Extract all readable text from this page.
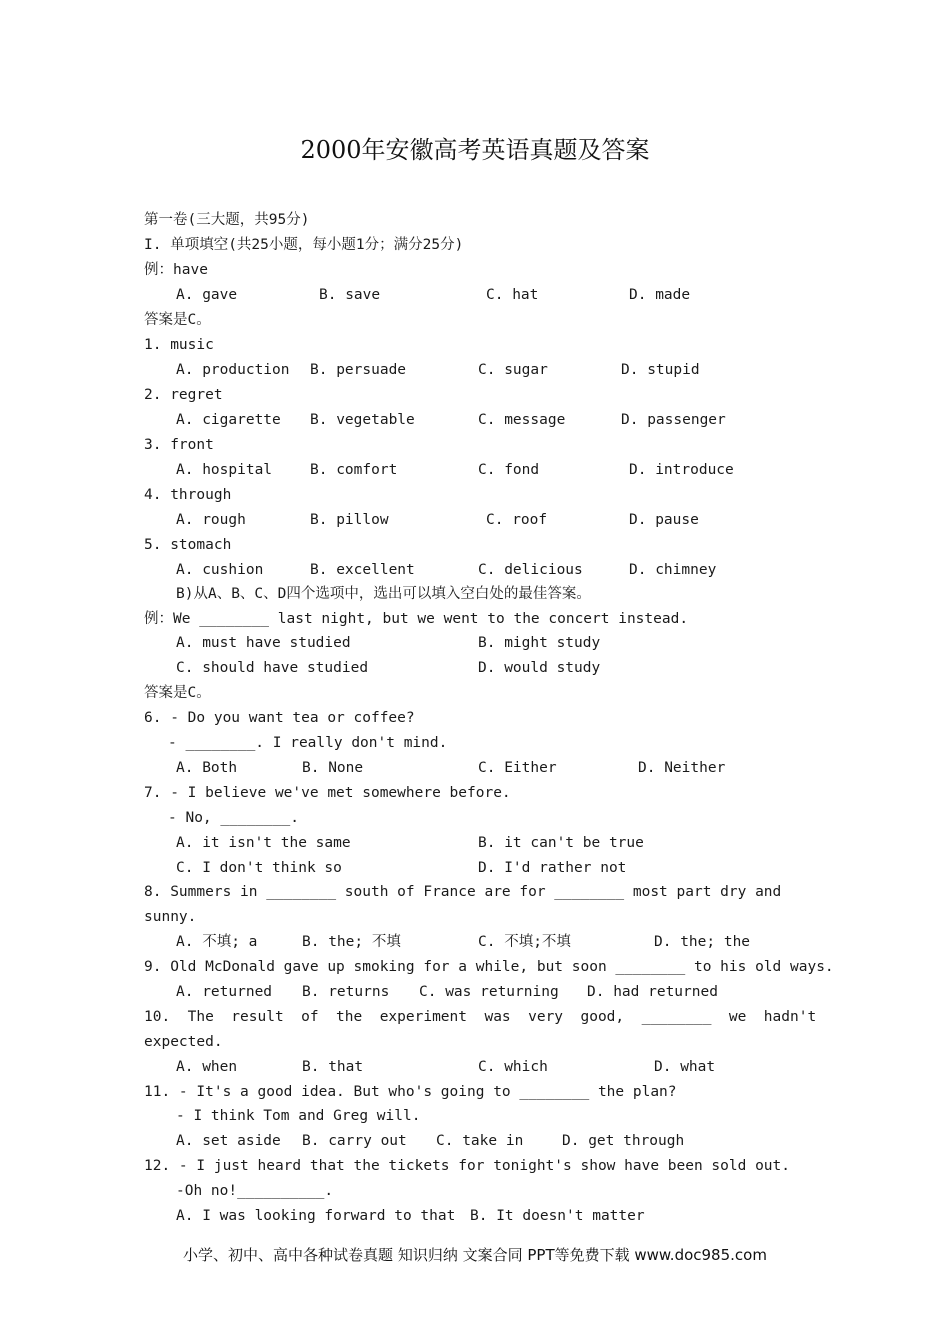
2000年安徽高考英语真题及答案
第一卷(三大题，共95分)
I. 单项填空(共25小题，每小题1分；满分25分)
例：have
A. gave	B. save	C. hat	D. made
答案是C。
1. music
A. production B. persuade	C. sugar	D. stupid
2. regret
A. cigarette B. vegetable	C. message	D. passenger
3. front
A. hospital	B. comfort	C. fond	D. introduce
4. through
A. rough	B. pillow	C. roof	D. pause
5. stomach
A. cushion	B. excellent	C. delicious	D. chimney
B)从A、B、C、D四个选项中，选出可以填入空白处的最佳答案。
例：We ________ last night, but we went to the concert instead.
A. must have studied	B. might study
C. should have studied	D. would study
答案是C。
6. - Do you want tea or coffee?
- ________. I really don't mind.
A. Both	B. None	C. Either	D. Neither
7. - I believe we've met somewhere before.
- No, ________.
A. it isn't the same	B. it can't be true
C. I don't think so	D. I'd rather not
8. Summers in ________ south of France are for ________ most part dry and
sunny.
A. 不填; a	B. the; 不填	C. 不填;不填	D. the; the
9. Old McDonald gave up smoking for a while, but soon ________ to his old ways.
A. returned B. returns C. was returning D. had returned
10.  The  result  of  the  experiment  was  very  good,  ________  we  hadn't
expected.
A. when	B. that	C. which	D. what
11. - It's a good idea. But who's going to ________ the plan?
- I think Tom and Greg will.
A. set aside B. carry out C. take in	D. get through
12. - I just heard that the tickets for tonight's show have been sold out.
-Oh no!__________.
A. I was looking forward to that B. It doesn't matter
小学、初中、高中各种试卷真题 知识归纳 文案合同 PPT等免费下载 www.doc985.com
